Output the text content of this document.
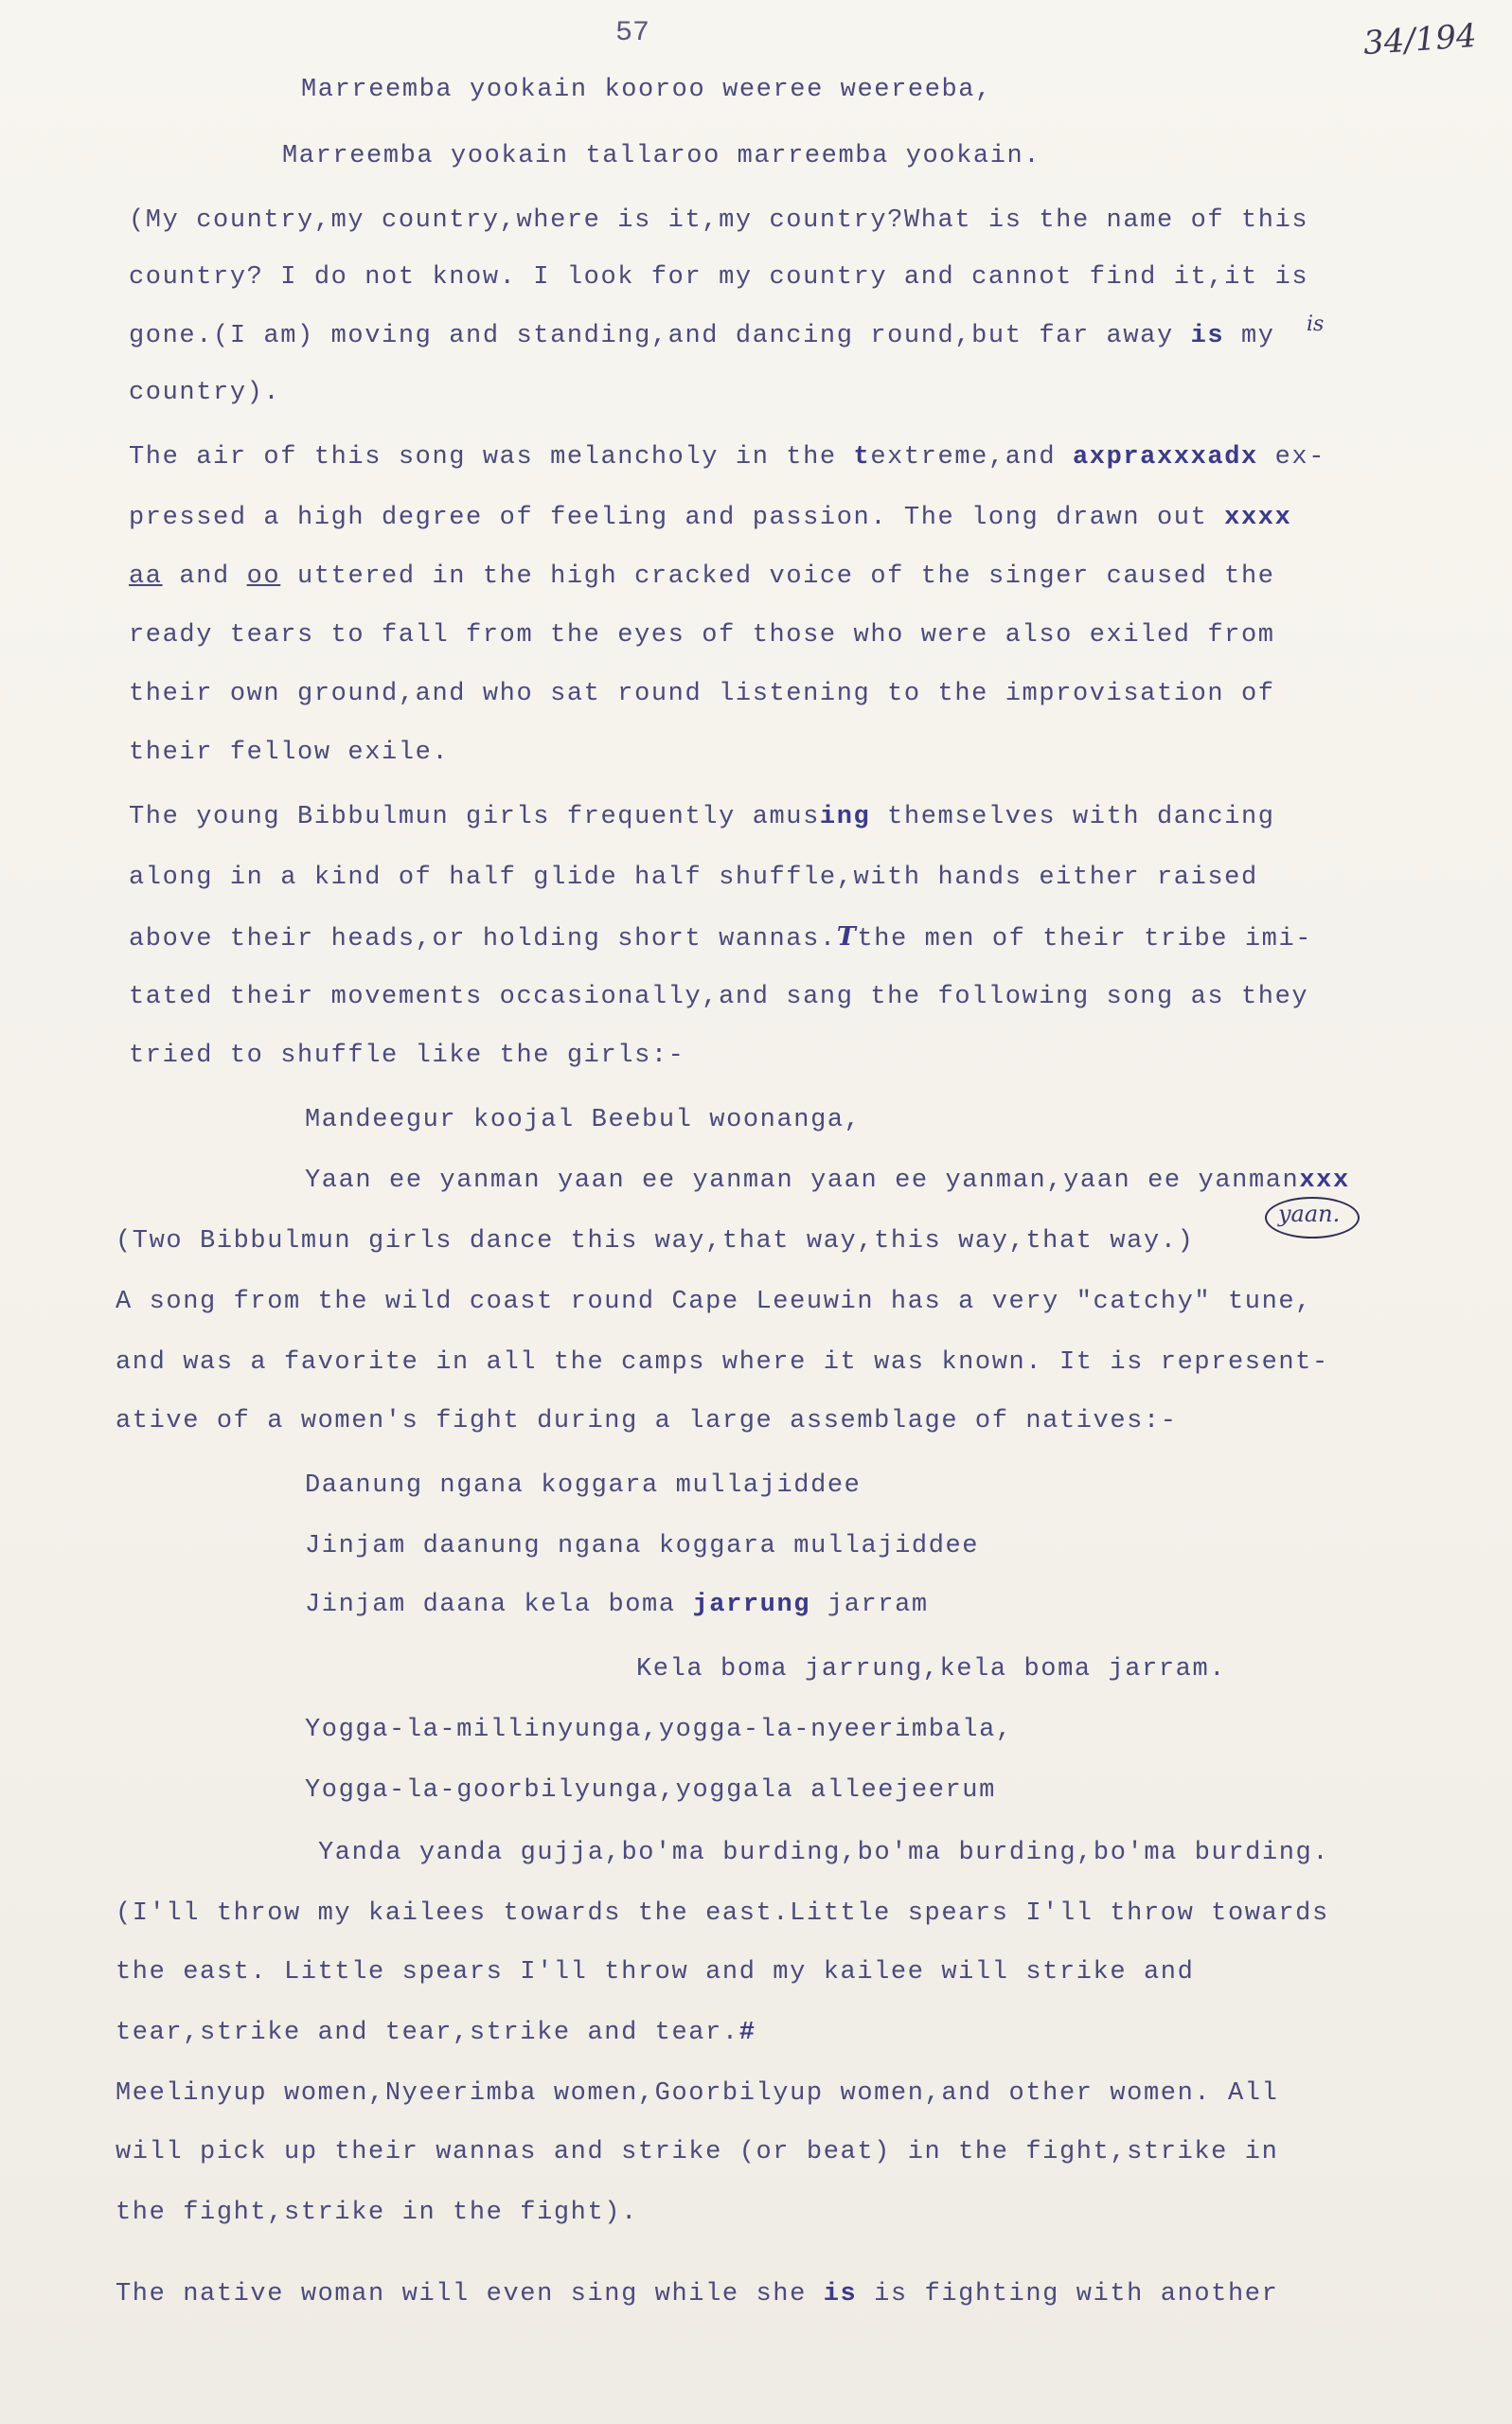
57	34/194
Marreemba yookain kooroo weeree weereeba,
Marreemba yookain tallaroo marreemba yookain.
(My country,my country,where is it,my country?What is the name of this
country? I do not know. I look for my country and cannot find it,it is
gone.(I am) moving and standing,and dancing round,but far away is my is
country).
The air of this song was melancholy in the textreme,and axpraxxxadx ex-
pressed a high degree of feeling and passion. The long drawn out xxxx
aa and oo uttered in the high cracked voice of the singer caused the
ready tears to fall from the eyes of those who were also exiled from
their own ground,and who sat round listening to the improvisation of
their fellow exile.
The young Bibbulmun girls frequently amusing themselves with dancing
along in a kind of half glide half shuffle,with hands either raised
above their heads,or holding short wannas.Tthe men of their tribe imi-
tated their movements occasionally,and sang the following song as they
tried to shuffle like the girls:-
Mandeegur koojal Beebul woonanga,
Yaan ee yanman yaan ee yanman yaan ee yanman,yaan ee yanmanxxx
yaan.
(Two Bibbulmun girls dance this way,that way,this way,that way.)
A song from the wild coast round Cape Leeuwin has a very "catchy" tune,
and was a favorite in all the camps where it was known. It is represent-
ative of a women's fight during a large assemblage of natives:-
Daanung ngana koggara mullajiddee
Jinjam daanung ngana koggara mullajiddee
Jinjam daana kela boma jarrung jarram
Kela boma jarrung,kela boma jarram.
Yogga-la-millinyunga,yogga-la-nyeerimbala,
Yogga-la-goorbilyunga,yoggala alleejeerum
Yanda yanda gujja,bo'ma burding,bo'ma burding,bo'ma burding.
(I'll throw my kailees towards the east.Little spears I'll throw towards
the east. Little spears I'll throw and my kailee will strike and
tear,strike and tear,strike and tear.#
Meelinyup women,Nyeerimba women,Goorbilyup women,and other women. All
will pick up their wannas and strike (or beat) in the fight,strike in
the fight,strike in the fight).
The native woman will even sing while she is is fighting with another
